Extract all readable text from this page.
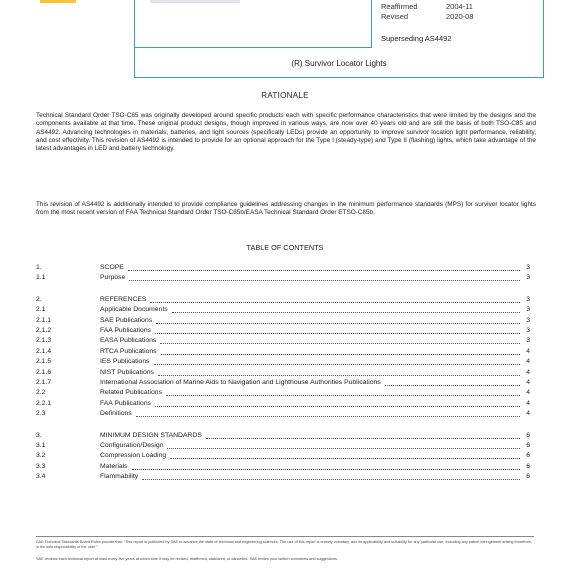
Reaffirmed	2004-11
Revised	2020-08
Superseding AS4492
(R) Survivor Locator Lights
RATIONALE
Technical Standard Order TSO-C85 was originally developed around specific products each with specific performance characteristics that were limited by the designs and the components available at that time. These original product designs, though improved in various ways, are now over 40 years old and are still the basis of both TSO-C85 and AS4492. Advancing technologies in materials, batteries, and light sources (specifically LEDs) provide an opportunity to improve survivor location light performance, reliability, and cost effectivity. This revision of AS4492 is intended to provide for an optional approach for the Type I (steady-type) and Type II (flashing) lights, which take advantage of the latest advantages in LED and battery technology.
This revision of AS4492 is additionally intended to provide compliance guidelines addressing changes in the minimum performance standards (MPS) for survivor locator lights from the most recent version of FAA Technical Standard Order TSO-C85b/EASA Technical Standard Order ETSO-C85b.
TABLE OF CONTENTS
1.	SCOPE	3
1.1	Purpose	3
2.	REFERENCES	3
2.1	Applicable Documents	3
2.1.1	SAE Publications	3
2.1.2	FAA Publications	3
2.1.3	EASA Publications	3
2.1.4	RTCA Publications	4
2.1.5	IES Publications	4
2.1.6	NIST Publications	4
2.1.7	International Association of Marine Aids to Navigation and Lighthouse Authorities Publications	4
2.2	Related Publications	4
2.2.1	FAA Publications	4
2.3	Definitions	4
3.	MINIMUM DESIGN STANDARDS	6
3.1	Configuration/Design	6
3.2	Compression Loading	6
3.3	Materials	6
3.4	Flammability	6
SAE Technical Standards Board Rules provide that: "This report is published by SAE to advance the state of technical and engineering sciences. The use of this report is entirely voluntary, and its applicability and suitability for any particular use, including any patent infringement arising therefrom, is the sole responsibility of the user."
SAE reviews each technical report at least every five years at which time it may be revised, reaffirmed, stabilized, or cancelled. SAE invites your written comments and suggestions.
